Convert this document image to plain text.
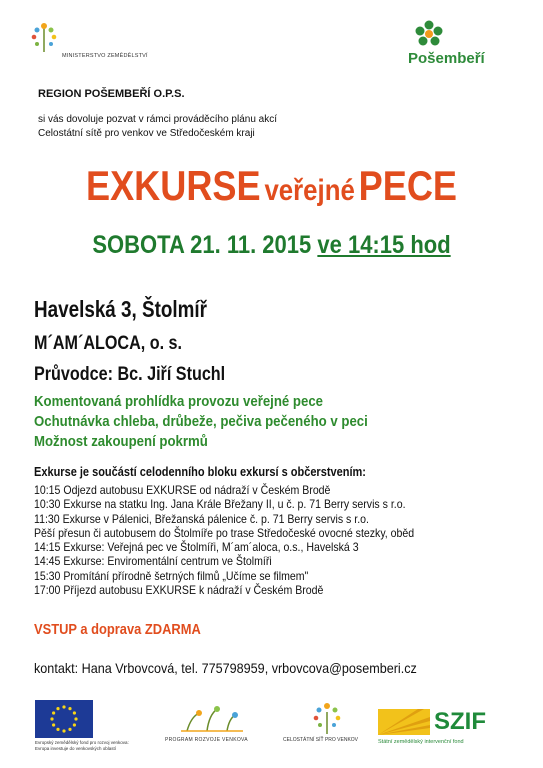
MINISTERSTVO ZEMĚDĚLSTVÍ	Pošembeří
REGION POŠEMBEŘÍ O.P.S.
si vás dovoluje pozvat v rámci prováděcího plánu akcí
Celostátní sítě pro venkov ve Středočeském kraji
EXKURSE veřejné PECE
SOBOTA 21. 11. 2015 ve 14:15 hod
Havelská 3, Štolmíř
M´AM´ALOCA, o. s.
Průvodce: Bc. Jiří Stuchl
Komentovaná prohlídka provozu veřejné pece
Ochutnávka chleba, drůbeže, pečiva pečeného v peci
Možnost zakoupení pokrmů
Exkurse je součástí celodenního bloku exkursí s občerstvením:
10:15 Odjezd autobusu EXKURSE od nádraží v Českém Brodě
10:30 Exkurse na statku Ing. Jana Krále Břežany II, u č. p. 71 Berry servis s r.o.
11:30 Exkurse v Pálenici, Břežanská pálenice č. p. 71 Berry servis s r.o.
Pěší přesun či autobusem do Štolmíře po trase Středočeské ovocné stezky, oběd
14:15 Exkurse: Veřejná pec ve Štolmíři, M´am´aloca, o.s., Havelská 3
14:45 Exkurse: Enviromentální centrum ve Štolmíři
15:30 Promítání přírodně šetrných filmů „Učíme se filmem"
17:00 Příjezd autobusu EXKURSE k nádraží v Českém Brodě
VSTUP a doprava ZDARMA
kontakt: Hana Vrbovcová, tel. 775798959, vrbovcova@posemberi.cz
Evropský zemědělský fond pro rozvoj venkova:
Evropa investuje do venkovských oblastí
PROGRAM ROZVOJE VENKOVA	CELOSTÁTNÍ SÍŤ PRO VENKOV
SZIF
Státní zemědělský intervenční fond
